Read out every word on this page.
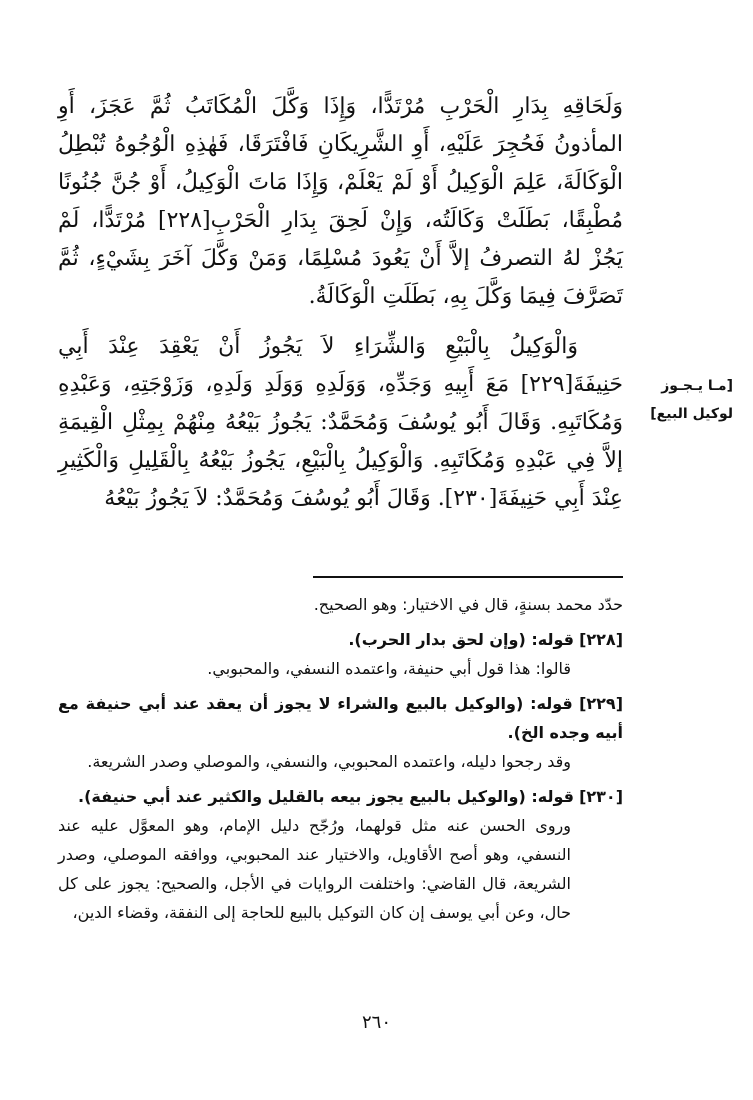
وَلَحَاقِهِ بِدَارِ الْحَرْبِ مُرْتَدًّا، وَإِذَا وَكَّلَ الْمُكَاتَبُ ثُمَّ عَجَزَ، أَوِ المأذونُ فَحُجِرَ عَلَيْهِ، أَوِ الشَّرِيكَانِ فَافْتَرَقَا، فَهٰذِهِ الْوُجُوهُ تُبْطِلُ الْوَكَالَةَ، عَلِمَ الْوَكِيلُ أَوْ لَمْ يَعْلَمْ، وَإِذَا مَاتَ الْوَكِيلُ، أَوْ جُنَّ جُنُونًا مُطْبِقًا، بَطَلَتْ وَكَالَتُه، وَإِنْ لَحِقَ بِدَارِ الْحَرْبِ[٢٢٨] مُرْتَدًّا، لَمْ يَجُزْ لهُ التصرفُ إلاَّ أَنْ يَعُودَ مُسْلِمًا، وَمَنْ وَكَّلَ آخَرَ بِشَيْءٍ، ثُمَّ تَصَرَّفَ فِيمَا وَكَّلَ بِهِ، بَطَلَتِ الْوَكَالَةُ.

وَالْوَكِيلُ بِالْبَيْعِ وَالشِّرَاءِ لاَ يَجُوزُ أَنْ يَعْقِدَ عِنْدَ أَبِي حَنِيفَةَ[٢٢٩] مَعَ أَبِيهِ وَجَدِّهِ، وَوَلَدِهِ وَوَلَدِ وَلَدِهِ، وَزَوْجَتِهِ، وَعَبْدِهِ وَمُكَاتَبِهِ. وَقَالَ أَبُو يُوسُفَ وَمُحَمَّدٌ: يَجُوزُ بَيْعُهُ مِنْهُمْ بِمِثْلِ الْقِيمَةِ إلاَّ فِي عَبْدِهِ وَمُكَاتَبِهِ. وَالْوَكِيلُ بِالْبَيْعِ، يَجُوزُ بَيْعُهُ بِالْقَلِيلِ وَالْكَثِيرِ عِنْدَ أَبِي حَنِيفَةَ[٢٣٠]. وَقَالَ أَبُو يُوسُفَ وَمُحَمَّدٌ: لاَ يَجُوزُ بَيْعُهُ

[مـا يـجـوز
لوكيل البيع]

حدّد محمد بسنةٍ، قال في الاختيار: وهو الصحيح.

[٢٢٨] قوله: (وإن لحق بدار الحرب).

قالوا: هذا قول أبي حنيفة، واعتمده النسفي، والمحبوبي.

[٢٢٩] قوله: (والوكيل بالبيع والشراء لا يجوز أن يعقد عند أبي حنيفة مع أبيه وجده الخ).

وقد رجحوا دليله، واعتمده المحبوبي، والنسفي، والموصلي وصدر الشريعة.

[٢٣٠] قوله: (والوكيل بالبيع يجوز بيعه بالقليل والكثير عند أبي حنيفة).

وروى الحسن عنه مثل قولهما، ورُجّح دليل الإمام، وهو المعوَّل عليه عند النسفي، وهو أصح الأقاويل، والاختيار عند المحبوبي، ووافقه الموصلي، وصدر الشريعة، قال القاضي: واختلفت الروايات في الأجل، والصحيح: يجوز على كل حال، وعن أبي يوسف إن كان التوكيل بالبيع للحاجة إلى النفقة، وقضاء الدين،

٢٦٠
